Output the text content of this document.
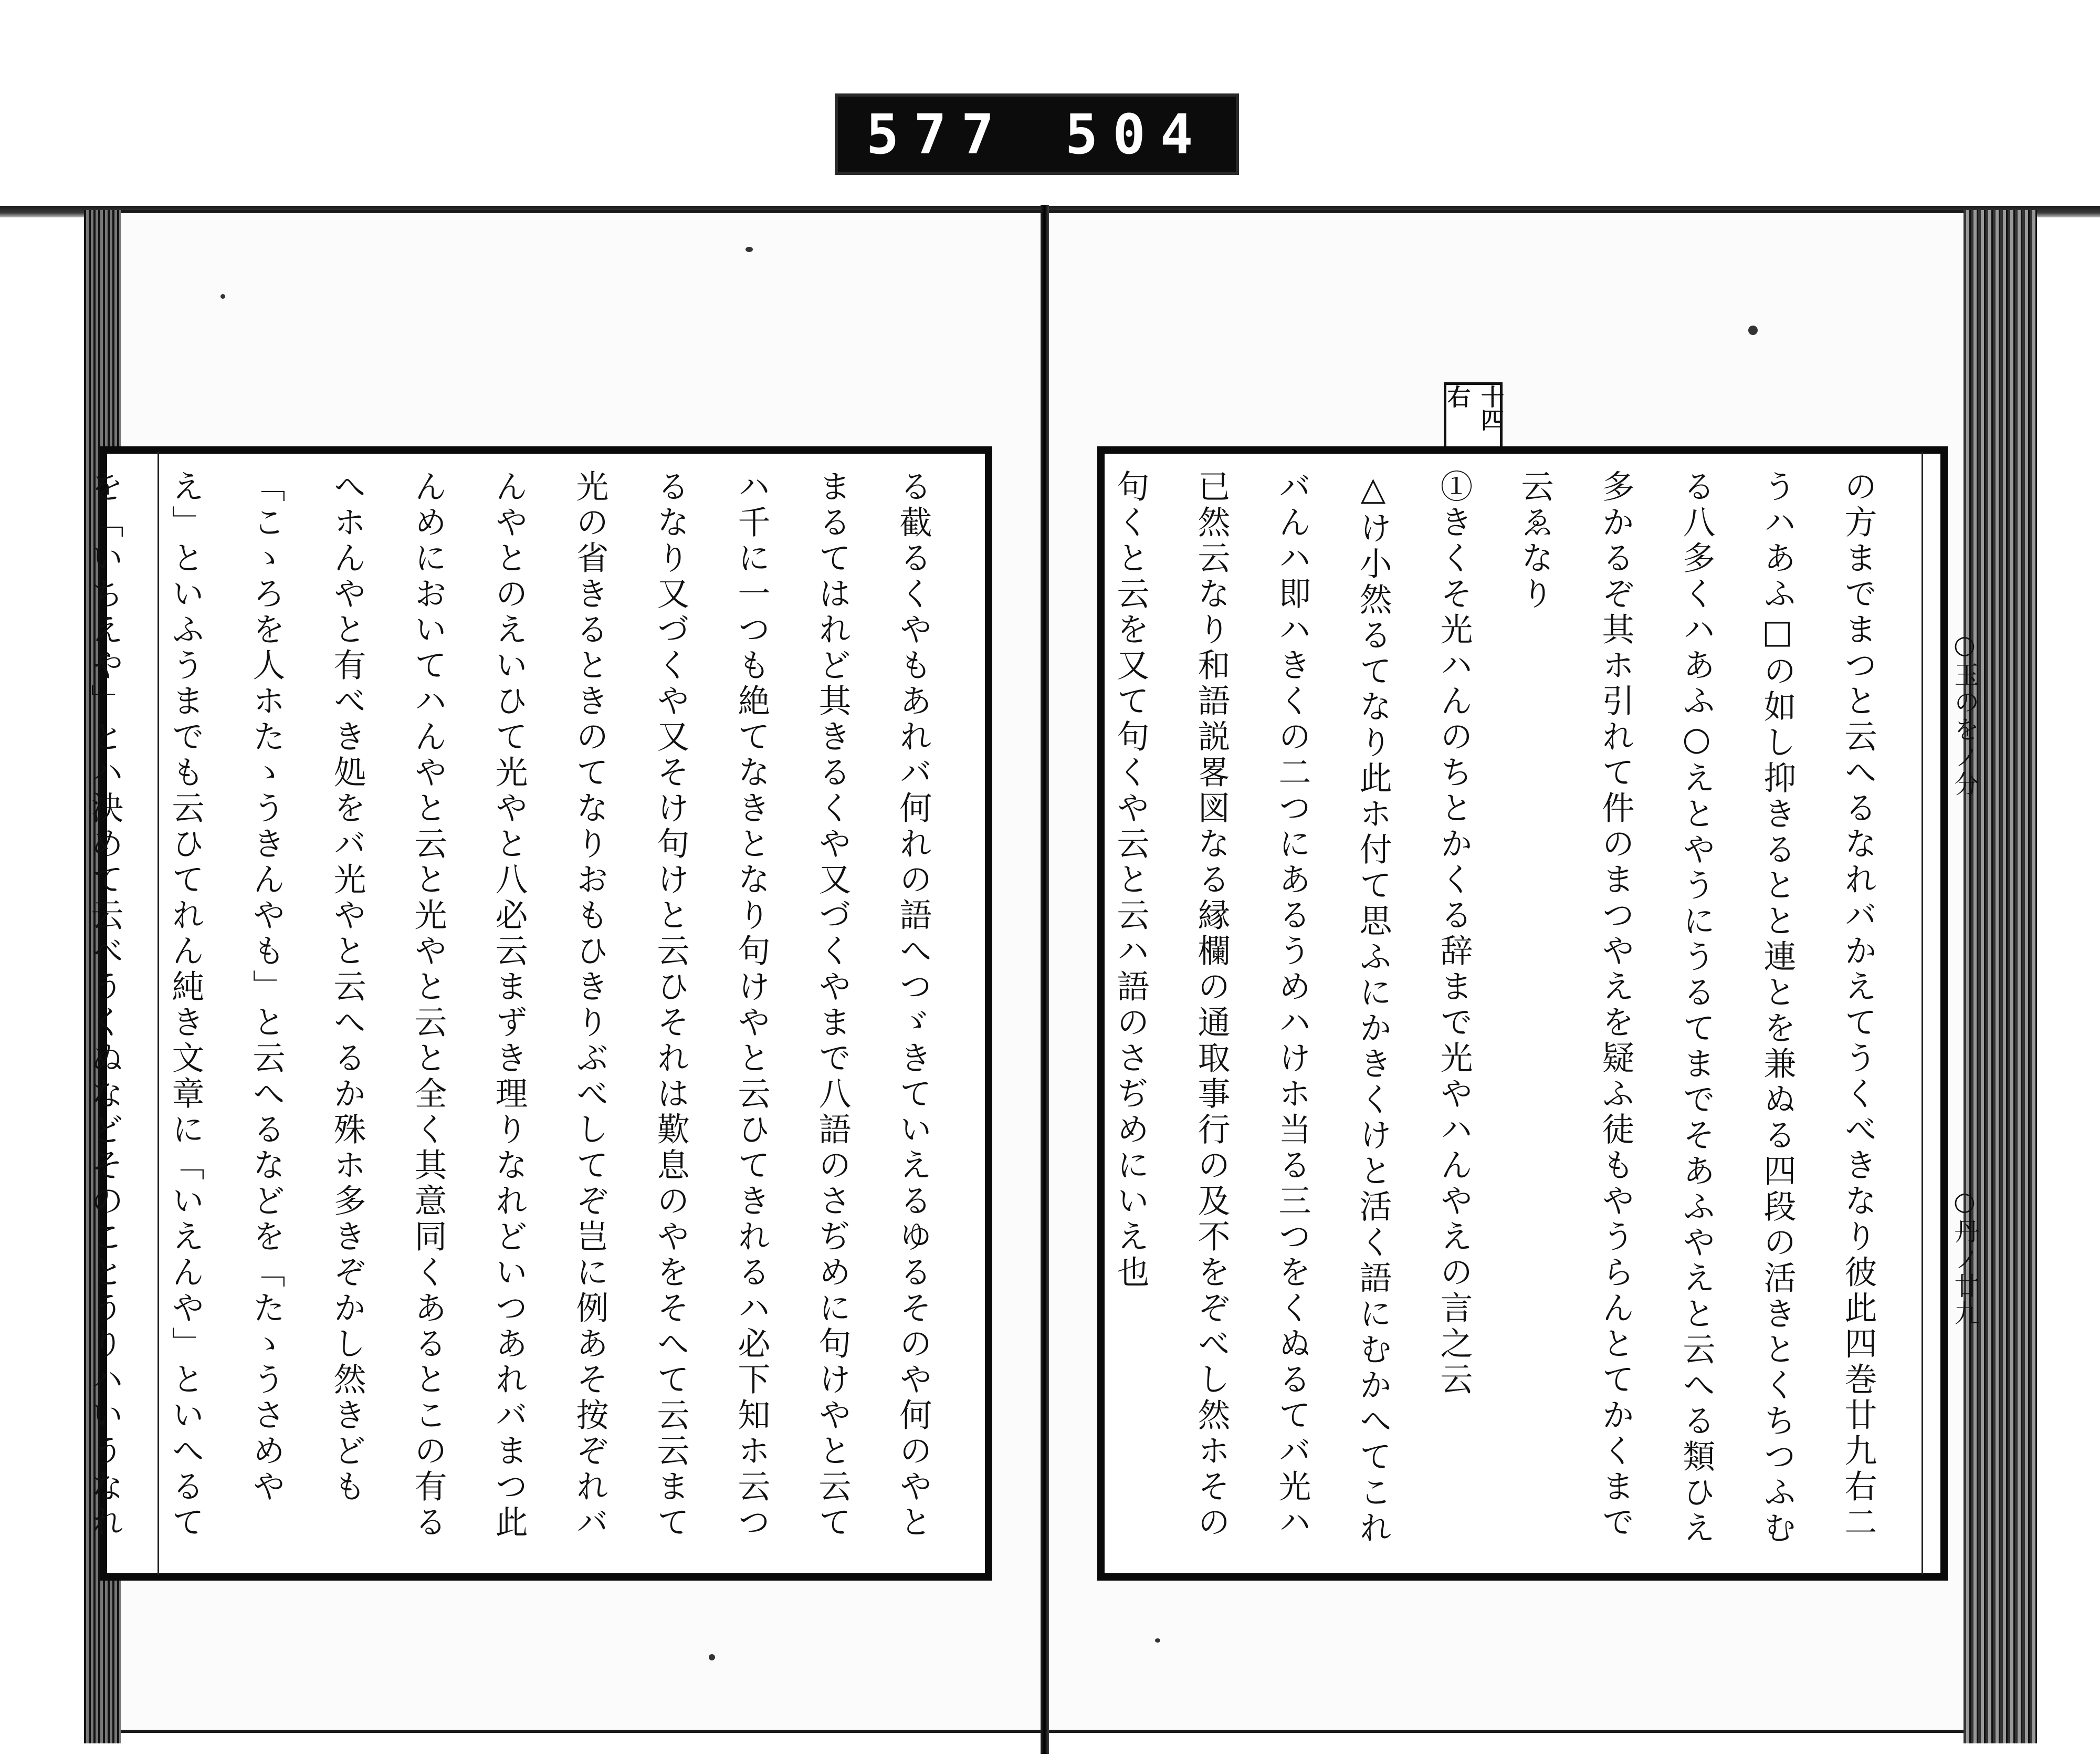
577 504
十四右
る截るくやもあれバ何れの語へつゞきていえるゆるそのや何のやとまるてはれど其きるくや又づくやまで八語のさぢめに句けやと云てハ千に一つも絶てなきとなり句けやと云ひてきれるハ必下知ホ云つるなり又づくや又そけ句けと云ひそれは歎息のやをそへて云云まて光の省きるときのてなりおもひきりぶべしてぞ岂に例あそ按ぞれバんやとのえいひて光やと八必云まずき理りなれどいつあれバまつ此んめにおいてハんやと云と光やと云と全く其意同くあるとこの有るへホんやと有べき処をバ光やと云へるか殊ホ多きぞかし然きども「こゝろを人ホたゝうきんやも」と云へるなどを「たゝうさめやえ」といふうまでも云ひてれん純き文章に「いえんや」といへるてを「いちえや」とハ決めて云べうくぬなどそのことうりハいうなれ	の方までまつと云へるなれバかえてうくべきなり彼此四巻廿九右二うハあふ□の如し抑きるとと連とを兼ぬる四段の活きとくちつふむる八多くハあふ○えとやうにうるてまでそあふやえと云へる類ひえ多かるぞ其ホ引れて件のまつやえを疑ふ徒もやうらんとてかくまで云ゑなり
①きくそ光ハんのちとかくる辞まで光やハんやえの言之云
△け小然るてなり此ホ付て思ふにかきくけと活く語にむかへてこれバんハ即ハきくの二つにあるうめハけホ当る三つをくぬるてバ光ハ已然云なり和語説畧図なる縁欄の通取事行の及不をぞべし然ホその句くと云を又て句くや云と云ハ語のさぢめにいえ也	○玉のをノ分
○丹ノ廿九
